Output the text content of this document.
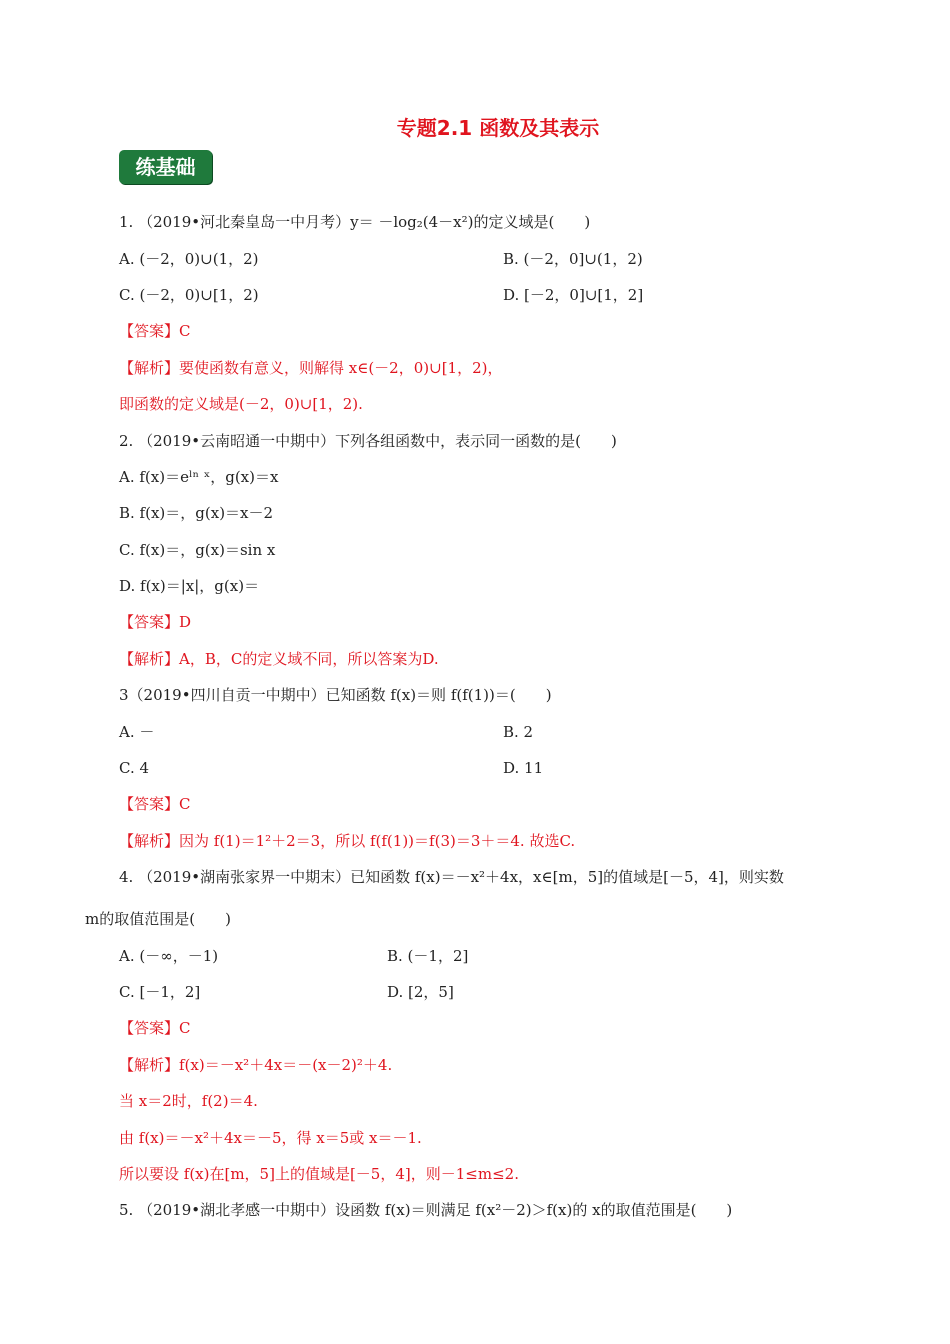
专题2.1 函数及其表示
练基础
1. （2019•河北秦皇岛一中月考）y＝ －log₂(4－x²)的定义域是(　　)
A. (－2，0)∪(1，2)	B. (－2，0]∪(1，2)
C. (－2，0)∪[1，2)	D. [－2，0]∪[1，2]
【答案】C
【解析】要使函数有意义，则解得 x∈(－2，0)∪[1，2)，
即函数的定义域是(－2，0)∪[1，2).
2. （2019•云南昭通一中期中）下列各组函数中，表示同一函数的是(　　)
A. f(x)＝eˡⁿ ˣ，g(x)＝x
B. f(x)＝，g(x)＝x－2
C. f(x)＝，g(x)＝sin x
D. f(x)＝|x|，g(x)＝
【答案】D
【解析】A，B，C的定义域不同，所以答案为D.
3（2019•四川自贡一中期中）已知函数 f(x)＝则 f(f(1))＝(　　)
A. －	B. 2
C. 4	D. 11
【答案】C
【解析】因为 f(1)＝1²＋2＝3，所以 f(f(1))＝f(3)＝3＋＝4. 故选C.
4. （2019•湖南张家界一中期末）已知函数 f(x)＝－x²＋4x，x∈[m，5]的值域是[－5，4]，则实数
m的取值范围是(　　)
A. (－∞，－1)	B. (－1，2]
C. [－1，2]	D. [2，5]
【答案】C
【解析】f(x)＝－x²＋4x＝－(x－2)²＋4.
当 x＝2时，f(2)＝4.
由 f(x)＝－x²＋4x＝－5，得 x＝5或 x＝－1.
所以要设 f(x)在[m，5]上的值域是[－5，4]，则－1≤m≤2.
5. （2019•湖北孝感一中期中）设函数 f(x)＝则满足 f(x²－2)＞f(x)的 x的取值范围是(　　)
